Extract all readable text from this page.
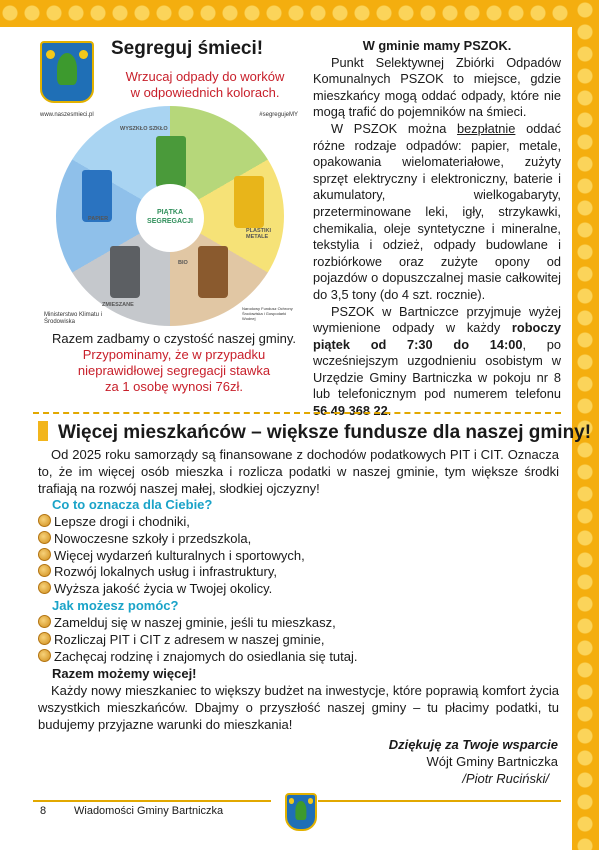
Segreguj śmieci!
Wrzucaj odpady do worków
w odpowiednich kolorach.
www.naszesmieci.pl	#segregujeMY
WYSZKŁO SZKŁO
PAPIER
PLASTIKI METALE
BIO
ZMIESZANE
PIĄTKA SEGREGACJI
Ministerstwo Klimatu i Środowiska
Narodowy Fundusz Ochrony Środowiska i Gospodarki Wodnej
Razem zadbamy o czystość naszej gminy.
Przypominamy, że w przypadku
nieprawidłowej segregacji stawka
za 1 osobę wynosi 76zł.

W gminie mamy PSZOK.

Punkt Selektywnej Zbiórki Odpadów Komunalnych PSZOK to miejsce, gdzie mieszkańcy mogą oddać odpady, które nie mogą trafić do pojemników na śmieci.

W PSZOK można bezpłatnie oddać różne rodzaje odpadów: papier, metale, opakowania wielomateriałowe, zużyty sprzęt elektryczny i elektroniczny, baterie i akumulatory, wielkogabaryty, przeterminowane leki, igły, strzykawki, chemikalia, oleje syntetyczne i mineralne, tekstylia i odzież, odpady budowlane i rozbiórkowe oraz zużyte opony od pojazdów o dopuszczalnej masie całkowitej do 3,5 tony (do 4 szt. rocznie).

PSZOK w Bartniczce przyjmuje wyżej wymienione odpady w każdy roboczy piątek od 7:30 do 14:00, po wcześniejszym uzgodnieniu osobistym w Urzędzie Gminy Bartniczka w pokoju nr 8 lub telefonicznym pod numerem telefonu 56 49 368 22.

Więcej mieszkańców – większe fundusze dla naszej gminy!
Od 2025 roku samorządy są finansowane z dochodów podatkowych PIT i CIT. Oznacza to, że im więcej osób mieszka i rozlicza podatki w naszej gminie, tym większe środki trafiają na rozwój naszej małej, słodkiej ojczyzny!
Co to oznacza dla Ciebie?
Lepsze drogi i chodniki,
Nowoczesne szkoły i przedszkola,
Więcej wydarzeń kulturalnych i sportowych,
Rozwój lokalnych usług i infrastruktury,
Wyższa jakość życia w Twojej okolicy.
Jak możesz pomóc?
Zamelduj się w naszej gminie, jeśli tu mieszkasz,
Rozliczaj PIT i CIT z adresem w naszej gminie,
Zachęcaj rodzinę i znajomych do osiedlania się tutaj.
Razem możemy więcej!
Każdy nowy mieszkaniec to większy budżet na inwestycje, które poprawią komfort życia wszystkich mieszkańców. Dbajmy o przyszłość naszej gminy – tu płacimy podatki, tu budujemy przyjazne warunki do mieszkania!
Dziękuję za Twoje wsparcie
Wójt Gminy Bartniczka
/Piotr Ruciński/
8	Wiadomości Gminy Bartniczka
